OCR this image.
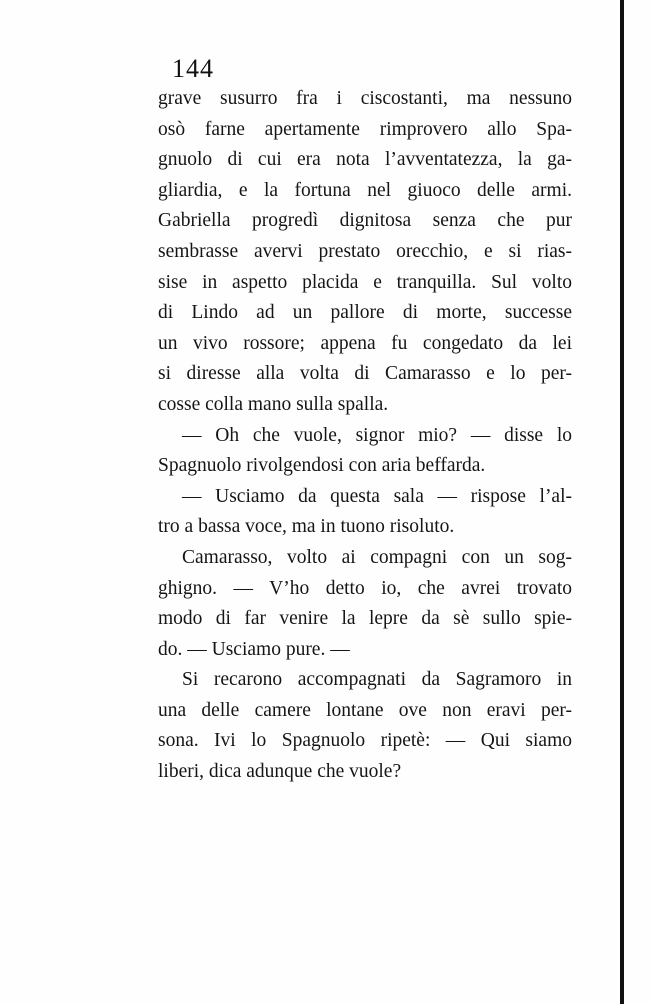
144
grave susurro fra i ciscostanti, ma nessuno
osò farne apertamente rimprovero allo Spa-
gnuolo di cui era nota l’avventatezza, la ga-
gliardia, e la fortuna nel giuoco delle armi.
Gabriella progredì dignitosa senza che pur
sembrasse avervi prestato orecchio, e si rias-
sise in aspetto placida e tranquilla. Sul volto
di Lindo ad un pallore di morte, successe
un vivo rossore; appena fu congedato da lei
si diresse alla volta di Camarasso e lo per-
cosse colla mano sulla spalla.
— Oh che vuole, signor mio? — disse lo
Spagnuolo rivolgendosi con aria beffarda.
— Usciamo da questa sala — rispose l’al-
tro a bassa voce, ma in tuono risoluto.
Camarasso, volto ai compagni con un sog-
ghigno. — V’ho detto io, che avrei trovato
modo di far venire la lepre da sè sullo spie-
do. — Usciamo pure. —
Si recarono accompagnati da Sagramoro in
una delle camere lontane ove non eravi per-
sona. Ivi lo Spagnuolo ripetè: — Qui siamo
liberi, dica adunque che vuole?
